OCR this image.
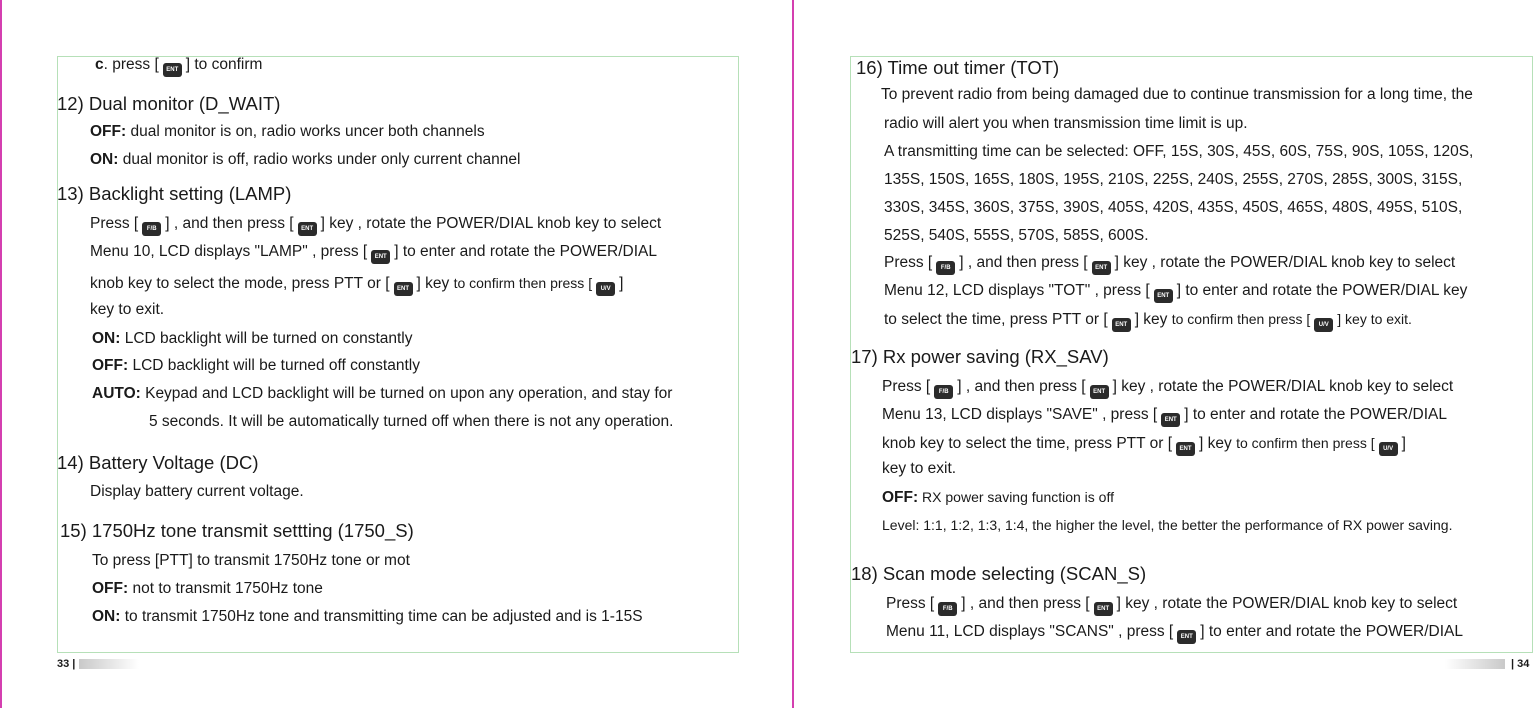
c. press [ ENT ] to confirm
12) Dual monitor (D_WAIT)
OFF: dual monitor is on, radio works uncer both channels
ON: dual monitor is off, radio works under only current channel
13) Backlight setting (LAMP)
Press [ F/B ] , and then press [ ENT ] key , rotate the POWER/DIAL knob key to select
Menu 10, LCD displays "LAMP" , press [ ENT ] to enter and rotate the POWER/DIAL
knob key to select the mode, press PTT or [ ENT ] key to confirm then press [ U/V ]
key to exit.
ON: LCD backlight will be turned on constantly
OFF: LCD backlight will be turned off constantly
AUTO: Keypad and LCD backlight will be turned on upon any operation, and stay for
5 seconds. It will be automatically turned off when there is not any operation.
14) Battery Voltage (DC)
Display battery current voltage.
15) 1750Hz tone transmit settting (1750_S)
To press [PTT] to transmit 1750Hz tone or mot
OFF: not to transmit 1750Hz tone
ON: to transmit 1750Hz tone and transmitting time can be adjusted and is 1-15S
33 |
16) Time out timer (TOT)
To prevent radio from being damaged due to continue transmission for a long time, the
radio will alert you when transmission time limit is up.
A transmitting time can be selected: OFF, 15S, 30S, 45S, 60S, 75S, 90S, 105S, 120S,
135S, 150S, 165S, 180S, 195S, 210S, 225S, 240S, 255S, 270S, 285S, 300S, 315S,
330S, 345S, 360S, 375S, 390S, 405S, 420S, 435S, 450S, 465S, 480S, 495S, 510S,
525S, 540S, 555S, 570S, 585S, 600S.
Press [ F/B ] , and then press [ ENT ] key , rotate the POWER/DIAL knob key to select
Menu 12, LCD displays "TOT" , press [ ENT ] to enter and rotate the POWER/DIAL key
to select the time, press PTT or [ ENT ] key to confirm then press [ U/V ] key to exit.
17) Rx power saving (RX_SAV)
Press [ F/B ] , and then press [ ENT ] key , rotate the POWER/DIAL knob key to select
Menu 13, LCD displays "SAVE" , press [ ENT ] to enter and rotate the POWER/DIAL
knob key to select the time, press PTT or [ ENT ] key to confirm then press [ U/V ]
key to exit.
OFF: RX power saving function is off
Level: 1:1, 1:2, 1:3, 1:4, the higher the level, the better the performance of RX power saving.
18) Scan mode selecting (SCAN_S)
Press [ F/B ] , and then press [ ENT ] key , rotate the POWER/DIAL knob key to select
Menu 11, LCD displays "SCANS" , press [ ENT ] to enter and rotate the POWER/DIAL
| 34
